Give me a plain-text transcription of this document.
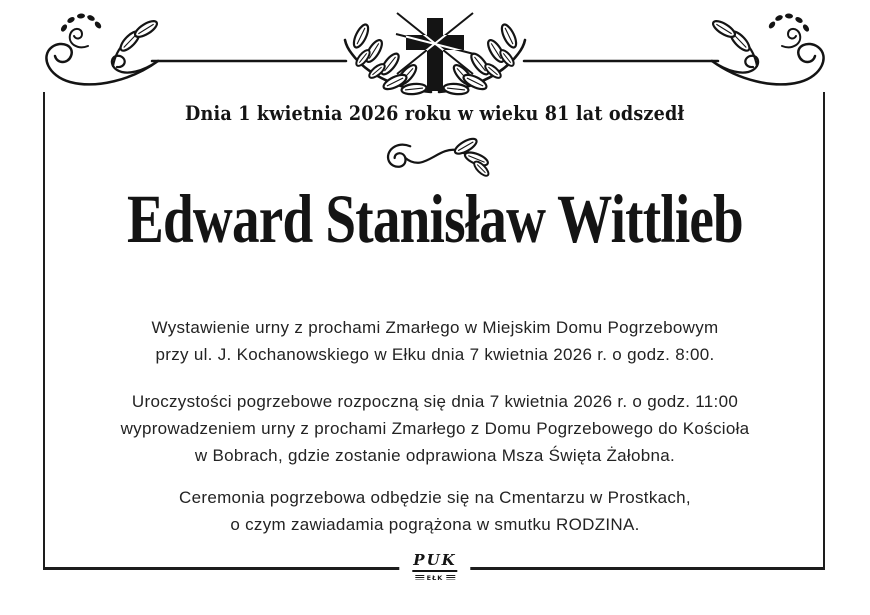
Dnia 1 kwietnia 2026 roku w wieku 81 lat odszedł
Edward Stanisław Wittlieb

Wystawienie urny z prochami Zmarłego w Miejskim Domu Pogrzebowym
przy ul. J. Kochanowskiego w Ełku dnia 7 kwietnia 2026 r. o godz. 8:00.

Uroczystości pogrzebowe rozpoczną się dnia 7 kwietnia 2026 r. o godz. 11:00
wyprowadzeniem urny z prochami Zmarłego z Domu Pogrzebowego do Kościoła
w Bobrach, gdzie zostanie odprawiona Msza Święta Żałobna.

Ceremonia pogrzebowa odbędzie się na Cmentarzu w Prostkach,
o czym zawiadamia pogrążona w smutku RODZINA.

PUK
EŁK
